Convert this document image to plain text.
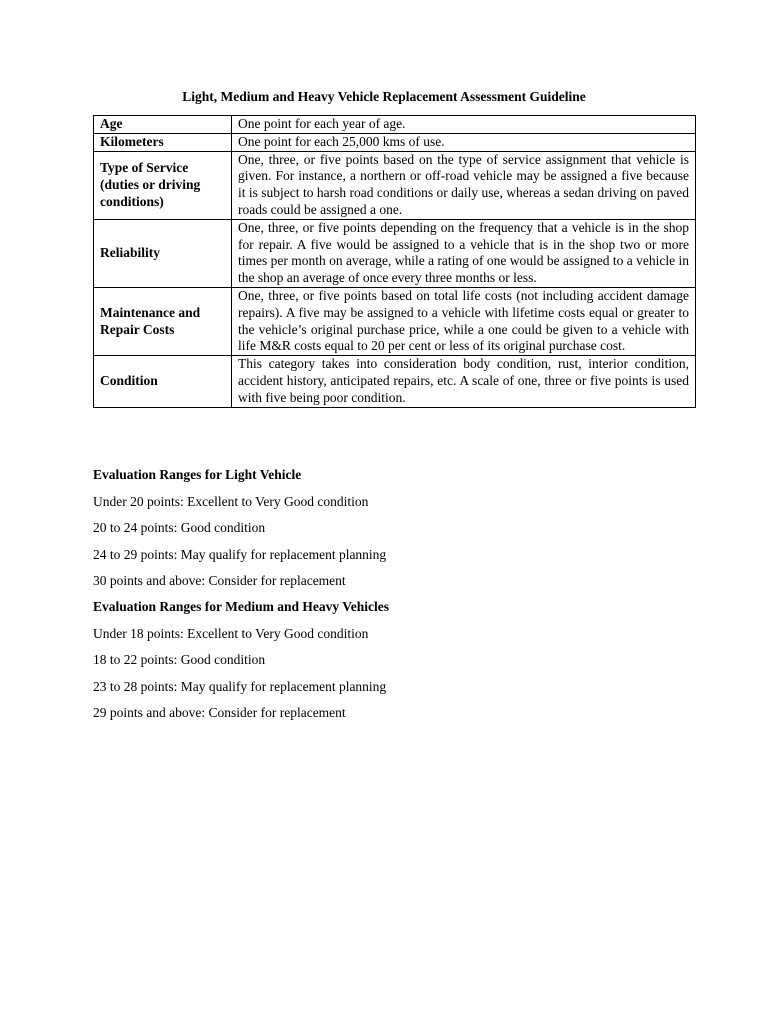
Light, Medium and Heavy Vehicle Replacement Assessment Guideline
Age	One point for each year of age.
Kilometers	One point for each 25,000 kms of use.
Type of Service (duties or driving conditions)	One, three, or five points based on the type of service assignment that vehicle is given. For instance, a northern or off-road vehicle may be assigned a five because it is subject to harsh road conditions or daily use, whereas a sedan driving on paved roads could be assigned a one.
Reliability	One, three, or five points depending on the frequency that a vehicle is in the shop for repair. A five would be assigned to a vehicle that is in the shop two or more times per month on average, while a rating of one would be assigned to a vehicle in the shop an average of once every three months or less.
Maintenance and Repair Costs	One, three, or five points based on total life costs (not including accident damage repairs). A five may be assigned to a vehicle with lifetime costs equal or greater to the vehicle’s original purchase price, while a one could be given to a vehicle with life M&R costs equal to 20 per cent or less of its original purchase cost.
Condition	This category takes into consideration body condition, rust, interior condition, accident history, anticipated repairs, etc. A scale of one, three or five points is used with five being poor condition.
Evaluation Ranges for Light Vehicle
Under 20 points: Excellent to Very Good condition
20 to 24 points: Good condition
24 to 29 points: May qualify for replacement planning
30 points and above: Consider for replacement
Evaluation Ranges for Medium and Heavy Vehicles
Under 18 points: Excellent to Very Good condition
18 to 22 points: Good condition
23 to 28 points: May qualify for replacement planning
29 points and above: Consider for replacement
